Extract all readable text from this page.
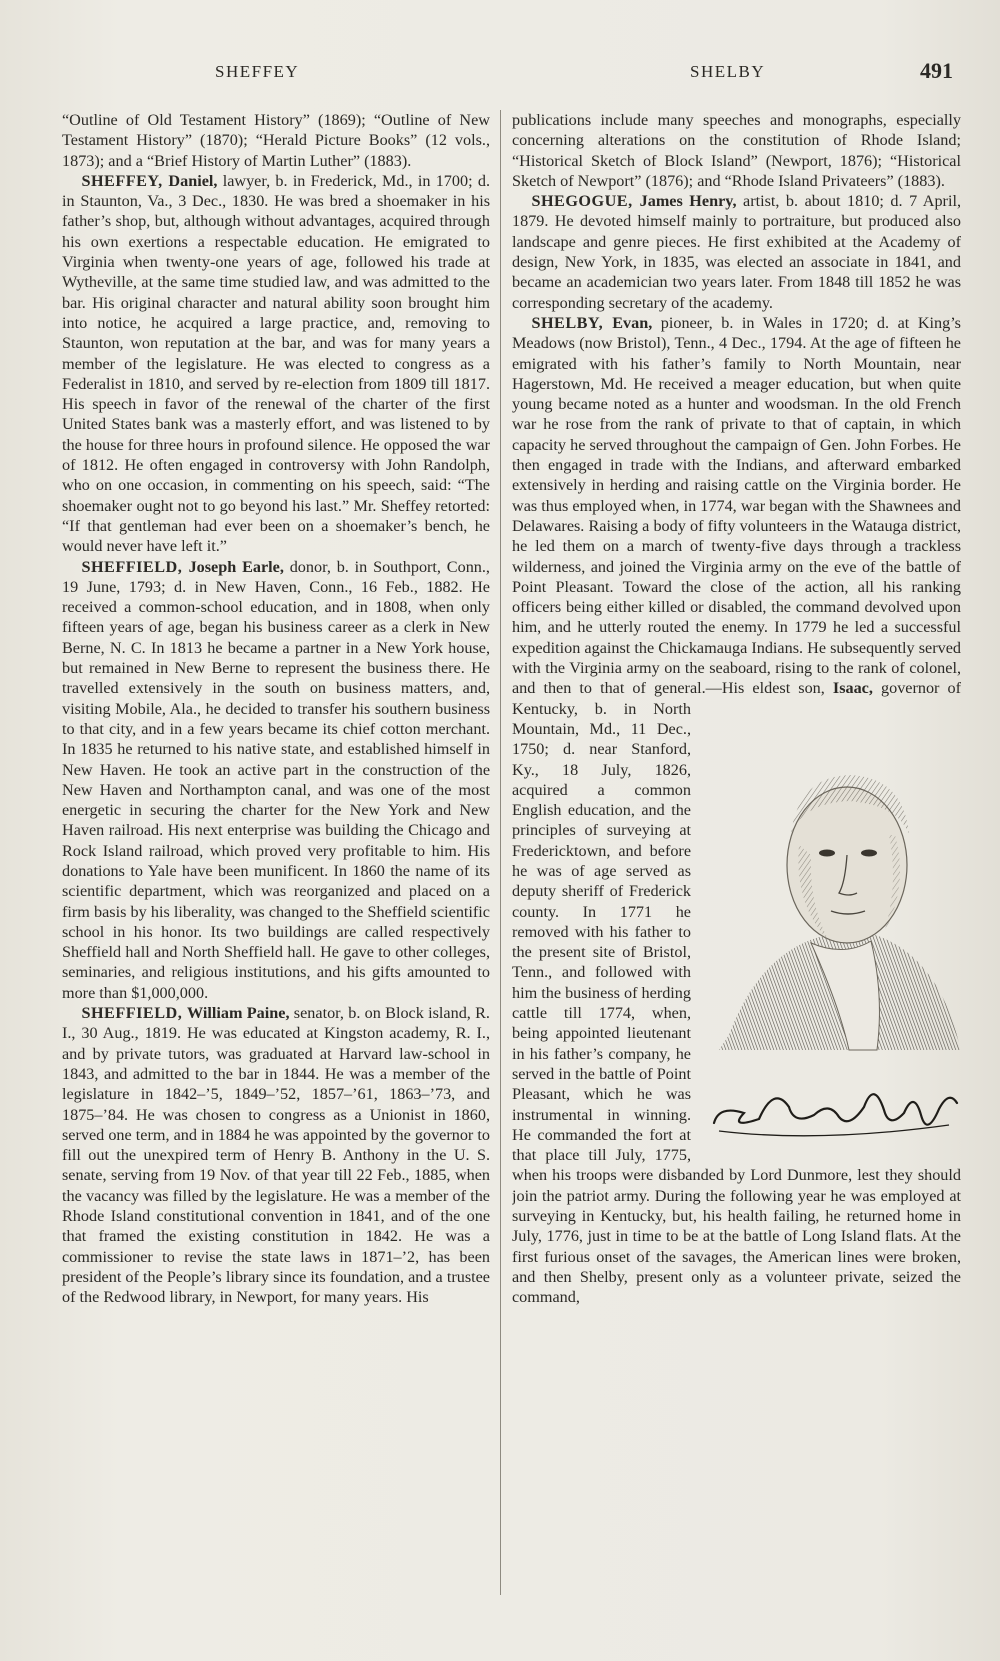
SHEFFEY	SHELBY	491

“Outline of Old Testament History” (1869); “Outline of New Testament History” (1870); “Herald Picture Books” (12 vols., 1873); and a “Brief History of Martin Luther” (1883).

SHEFFEY, Daniel, lawyer, b. in Frederick, Md., in 1700; d. in Staunton, Va., 3 Dec., 1830. He was bred a shoemaker in his father’s shop, but, although without advantages, acquired through his own exertions a respectable education. He emigrated to Virginia when twenty-one years of age, followed his trade at Wytheville, at the same time studied law, and was admitted to the bar. His original character and natural ability soon brought him into notice, he acquired a large practice, and, removing to Staunton, won reputation at the bar, and was for many years a member of the legislature. He was elected to congress as a Federalist in 1810, and served by re-election from 1809 till 1817. His speech in favor of the renewal of the charter of the first United States bank was a masterly effort, and was listened to by the house for three hours in profound silence. He opposed the war of 1812. He often engaged in controversy with John Randolph, who on one occasion, in commenting on his speech, said: “The shoemaker ought not to go beyond his last.” Mr. Sheffey retorted: “If that gentleman had ever been on a shoemaker’s bench, he would never have left it.”

SHEFFIELD, Joseph Earle, donor, b. in Southport, Conn., 19 June, 1793; d. in New Haven, Conn., 16 Feb., 1882. He received a common-school education, and in 1808, when only fifteen years of age, began his business career as a clerk in New Berne, N. C. In 1813 he became a partner in a New York house, but remained in New Berne to represent the business there. He travelled extensively in the south on business matters, and, visiting Mobile, Ala., he decided to transfer his southern business to that city, and in a few years became its chief cotton merchant. In 1835 he returned to his native state, and established himself in New Haven. He took an active part in the construction of the New Haven and Northampton canal, and was one of the most energetic in securing the charter for the New York and New Haven railroad. His next enterprise was building the Chicago and Rock Island railroad, which proved very profitable to him. His donations to Yale have been munificent. In 1860 the name of its scientific department, which was reorganized and placed on a firm basis by his liberality, was changed to the Sheffield scientific school in his honor. Its two buildings are called respectively Sheffield hall and North Sheffield hall. He gave to other colleges, seminaries, and religious institutions, and his gifts amounted to more than $1,000,000.

SHEFFIELD, William Paine, senator, b. on Block island, R. I., 30 Aug., 1819. He was educated at Kingston academy, R. I., and by private tutors, was graduated at Harvard law-school in 1843, and admitted to the bar in 1844. He was a member of the legislature in 1842–’5, 1849–’52, 1857–’61, 1863–’73, and 1875–’84. He was chosen to congress as a Unionist in 1860, served one term, and in 1884 he was appointed by the governor to fill out the unexpired term of Henry B. Anthony in the U. S. senate, serving from 19 Nov. of that year till 22 Feb., 1885, when the vacancy was filled by the legislature. He was a member of the Rhode Island constitutional convention in 1841, and of the one that framed the existing constitution in 1842. He was a commissioner to revise the state laws in 1871–’2, has been president of the People’s library since its foundation, and a trustee of the Redwood library, in Newport, for many years. His

publications include many speeches and monographs, especially concerning alterations on the constitution of Rhode Island; “Historical Sketch of Block Island” (Newport, 1876); “Historical Sketch of Newport” (1876); and “Rhode Island Privateers” (1883).

SHEGOGUE, James Henry, artist, b. about 1810; d. 7 April, 1879. He devoted himself mainly to portraiture, but produced also landscape and genre pieces. He first exhibited at the Academy of design, New York, in 1835, was elected an associate in 1841, and became an academician two years later. From 1848 till 1852 he was corresponding secretary of the academy.

SHELBY, Evan, pioneer, b. in Wales in 1720; d. at King’s Meadows (now Bristol), Tenn., 4 Dec., 1794. At the age of fifteen he emigrated with his father’s family to North Mountain, near Hagerstown, Md. He received a meager education, but when quite young became noted as a hunter and woodsman. In the old French war he rose from the rank of private to that of captain, in which capacity he served throughout the campaign of Gen. John Forbes. He then engaged in trade with the Indians, and afterward embarked extensively in herding and raising cattle on the Virginia border. He was thus employed when, in 1774, war began with the Shawnees and Delawares. Raising a body of fifty volunteers in the Watauga district, he led them on a march of twenty-five days through a trackless wilderness, and joined the Virginia army on the eve of the battle of Point Pleasant. Toward the close of the action, all his ranking officers being either killed or disabled, the command devolved upon him, and he utterly routed the enemy. In 1779 he led a successful expedition against the Chickamauga Indians. He subsequently served with the Virginia army on the seaboard, rising to the rank of colonel, and then to that of general.—His eldest son, Isaac,
governor of Kentucky, b. in North Mountain, Md., 11 Dec., 1750; d. near Stanford, Ky., 18 July, 1826, acquired a common English education, and the principles of surveying at Fredericktown, and before he was of age served as deputy sheriff of Frederick county. In 1771 he removed with his father to the present site of Bristol, Tenn., and followed with him the business of herding cattle till 1774, when, being appointed lieutenant in his father’s company, he served in the battle of Point Pleasant, which he was instrumental in winning. He commanded the fort at that place till July, 1775, when his troops were disbanded by Lord Dunmore, lest they should join the patriot army. During the following year he was employed at surveying in Kentucky, but, his health failing, he returned home in July, 1776, just in time to be at the battle of Long Island flats. At the first furious onset of the savages, the American lines were broken, and then Shelby, present only as a volunteer private, seized the command,
